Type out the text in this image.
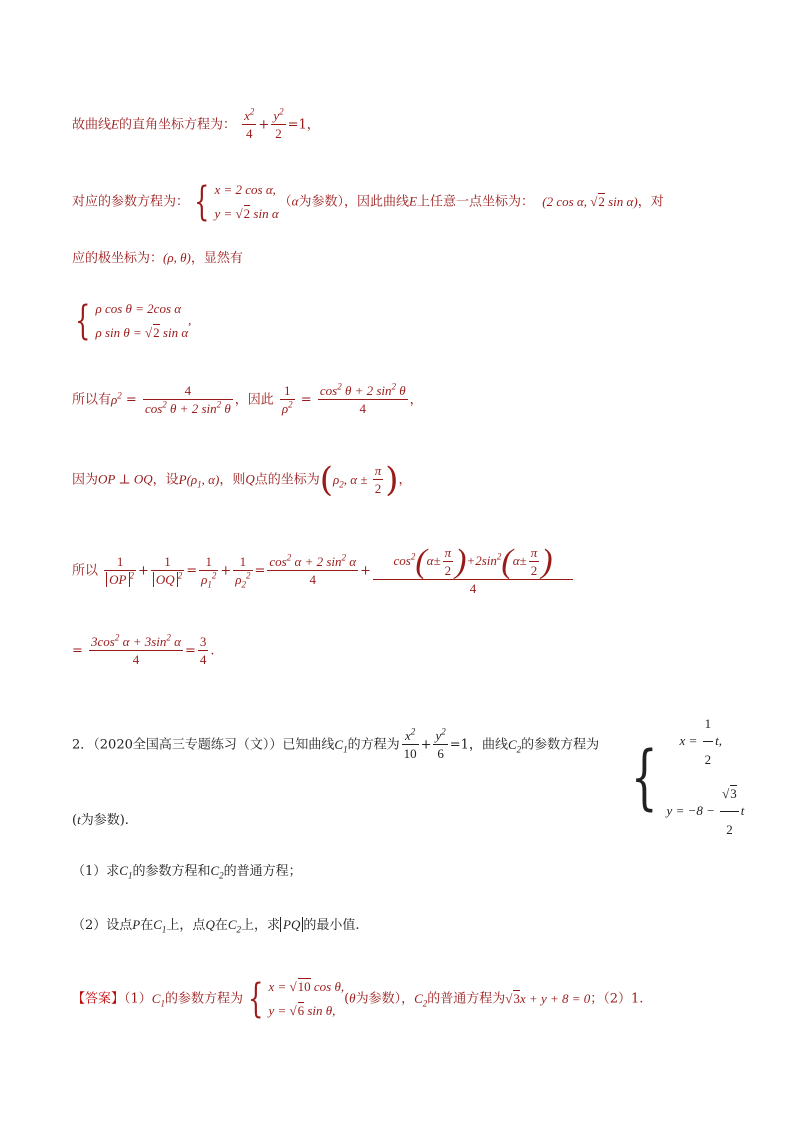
故曲线E的直角坐标方程为： $\frac{x^2}{4} + \frac{y^2}{2} =1$，
对应的参数方程为： { x = 2 cos α,
y = √2 sin α
（α为参数），因此曲线E上任意一点坐标为： (2 cos α, √2 sin α)，对
应的极坐标为：(ρ, θ)，显然有
{ ρ cos θ = 2cos α
ρ sin θ = √2 sin α
,
所以有$\rho^2 = \frac{4}{\cos^2 \theta + 2 \sin^2 \theta}$ ，因此 $\frac{1}{\rho^2} = \frac{\cos^2 \theta + 2 \sin^2 \theta}{4}$ ，
因为OP ⊥ OQ，设$P(\rho_1$, α)，则Q点的坐标为($\rho_2$, $\alpha \pm \frac{\pi}{2}$ )，
所以 $\frac{1}{OP ^2} + \frac{1}{OQ ^2} = \frac{1}{\rho_1^2} + \frac{1}{\rho_2^2} = \frac{\cos^2 \alpha + 2 \sin^2 \alpha}{4} + \frac{\cos^2(\alpha\pm \frac{\pi}{2} )+2\sin^2(\alpha\pm \frac{\pi}{2} )}{4}$
= $\frac{3\cos^2 \alpha + 3\sin^2 \alpha}{4} = \frac{3}{4}$ .
2．（2020全国高三专题练习（文））已知曲线$C_1$的方程为 $\frac{x^2}{10} + \frac{y^2}{6} =1$，曲线$C_2$的参数方程为 { $x = \frac{1}{2} t$,
$y = -8 - \frac{√3}{2}$ t
(t为参数).
（1）求$C_1$的参数方程和$C_2$的普通方程；
（2）设点P在$C_1$上，点Q在$C_2$上，求 PQ 的最小值.
【答案】$(1)C_1$的参数方程为 { x = √10 cos θ,
y = √6 sin θ,
(θ为参数），$C_2$的普通方程为√3x + y + 8 = 0；（2）1.
